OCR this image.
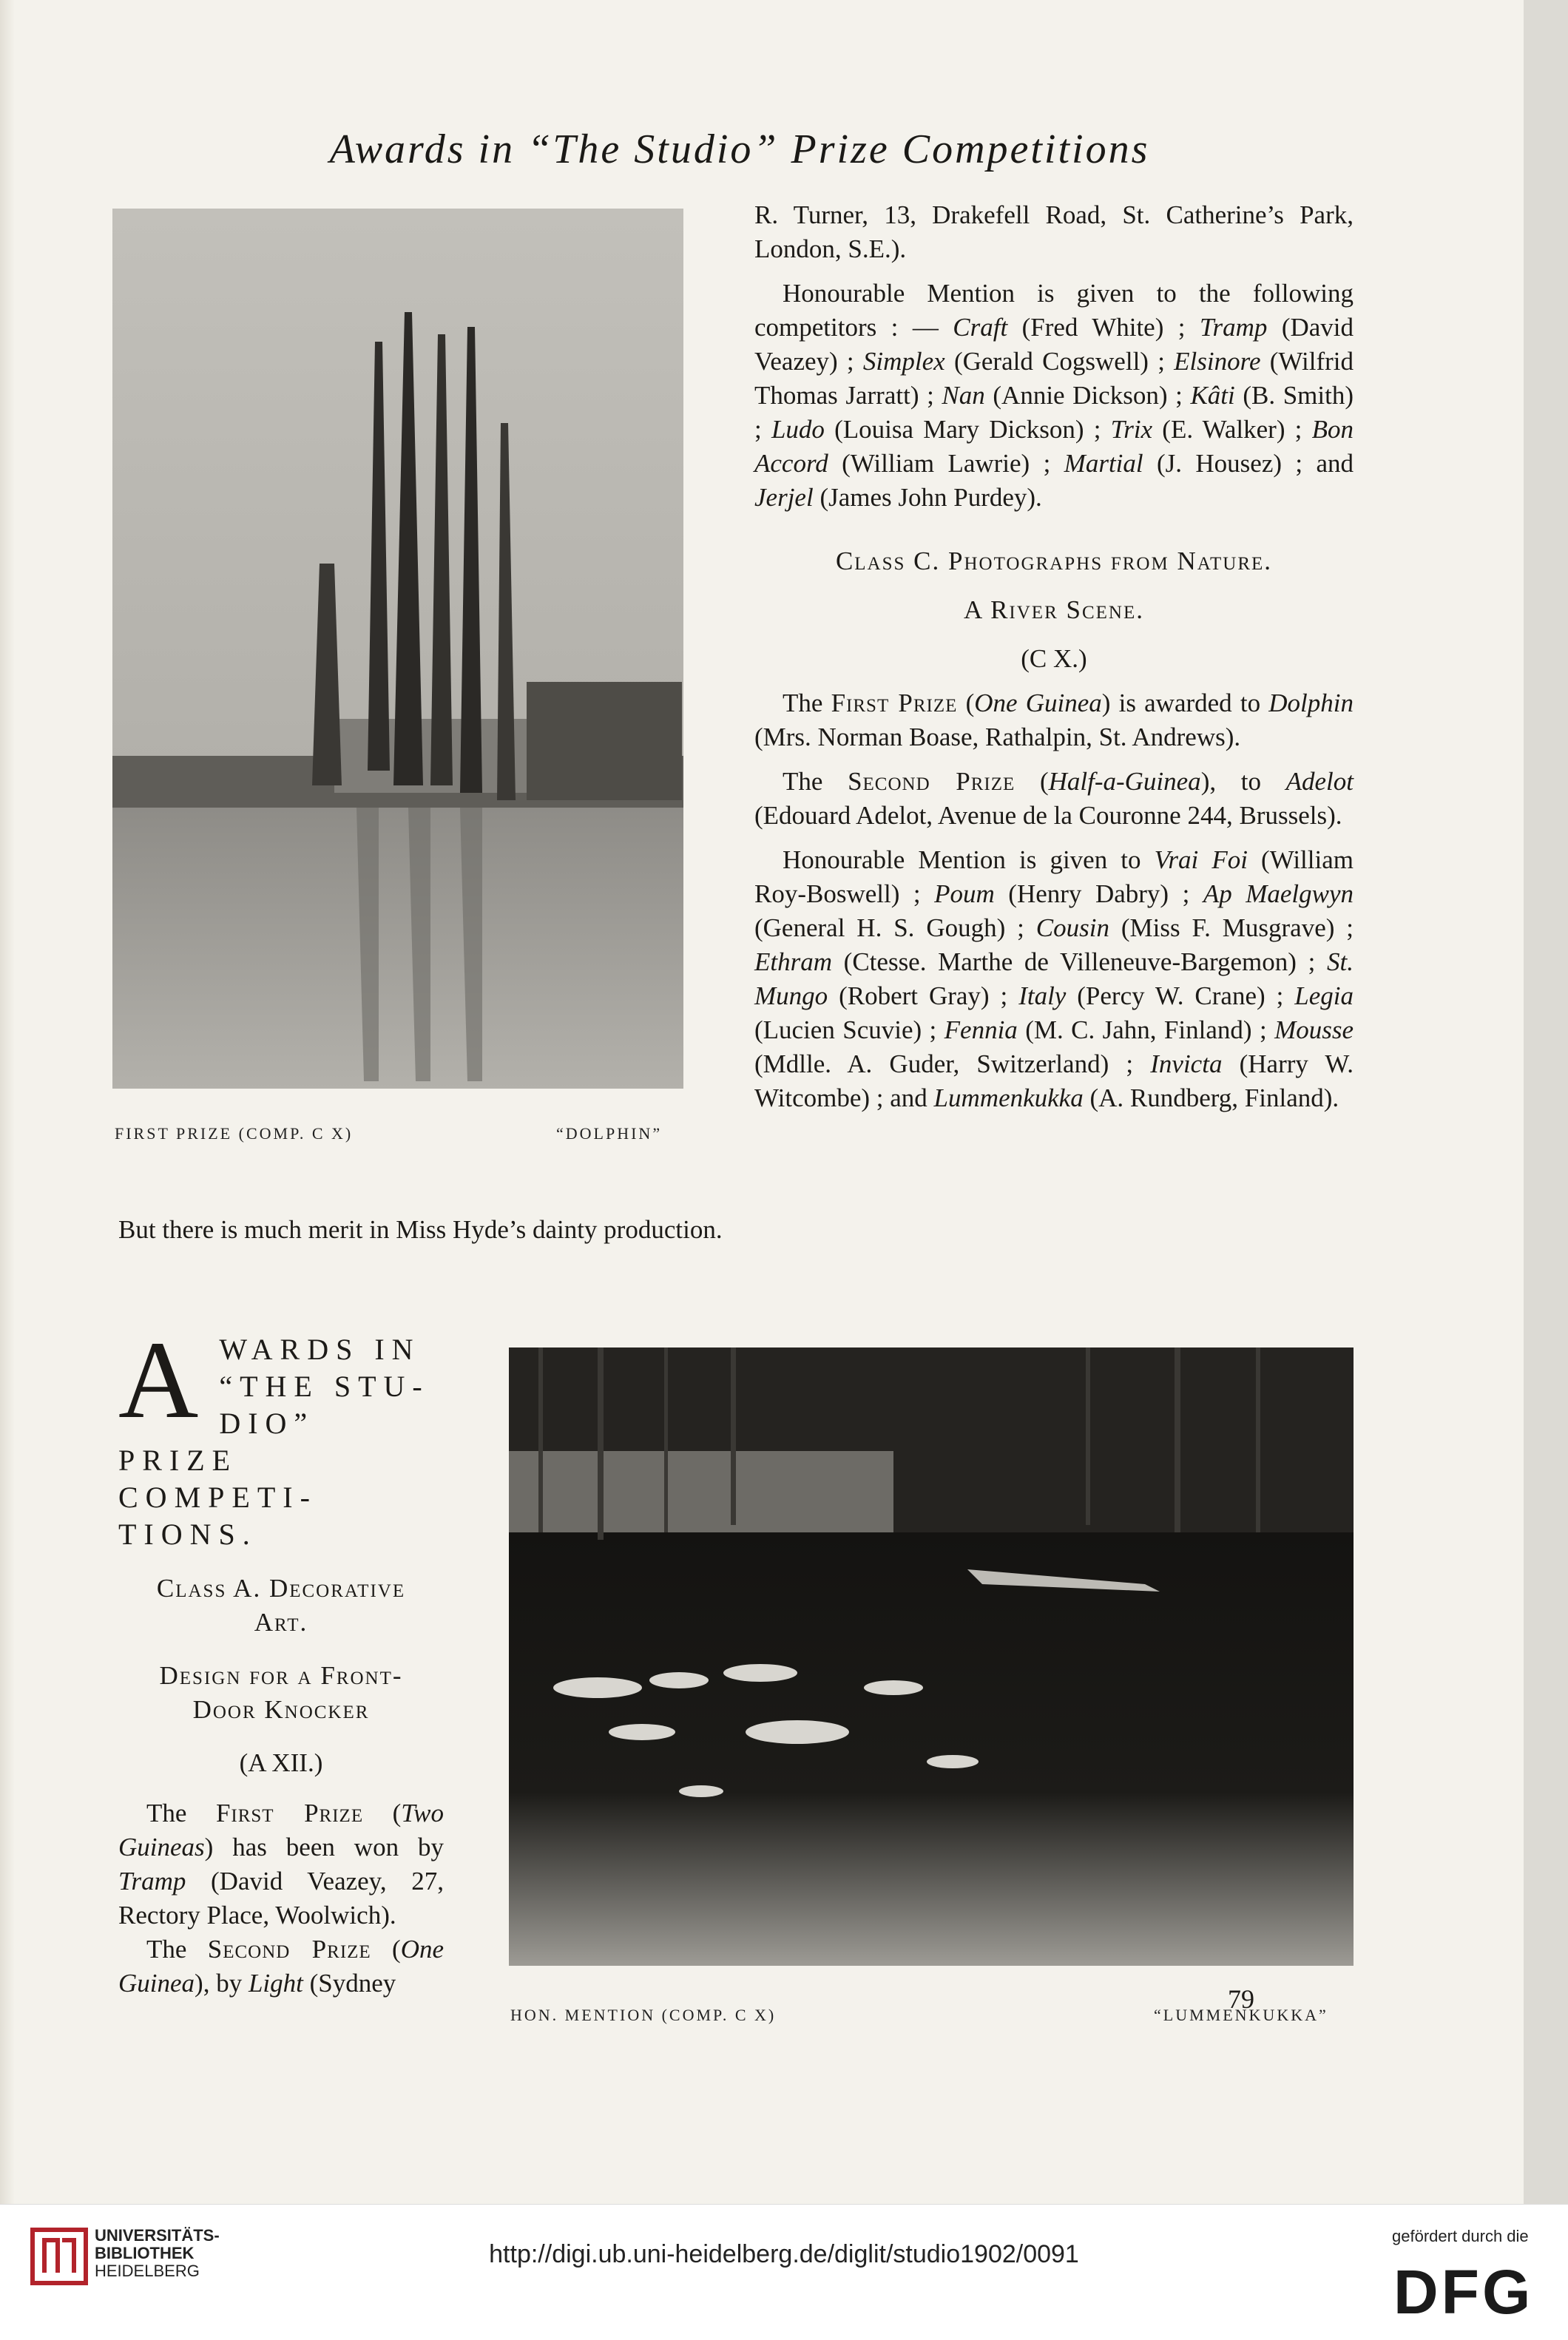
Awards in “The Studio” Prize Competitions
FIRST PRIZE (COMP. C X)	“DOLPHIN”

But there is much merit in Miss Hyde’s dainty production.

AWARDS IN “THE STU-DIO” PRIZE COMPETI-TIONS.

Class A. Decorative

Art.

Design for a Front-

Door Knocker

(A XII.)

The First Prize (Two Guineas) has been won by Tramp (David Veazey, 27, Rectory Place, Woolwich).

The Second Prize (One Guinea), by Light (Sydney

R. Turner, 13, Drakefell Road, St. Catherine’s Park, London, S.E.).

Honourable Mention is given to the following competitors : — Craft (Fred White) ; Tramp (David Veazey) ; Simplex (Gerald Cogswell) ; Elsinore (Wilfrid Thomas Jarratt) ; Nan (Annie Dickson) ; Kâti (B. Smith) ; Ludo (Louisa Mary Dickson) ; Trix (E. Walker) ; Bon Accord (William Lawrie) ; Martial (J. Housez) ; and Jerjel (James John Purdey).

Class C. Photographs from Nature.

A River Scene.

(C X.)

The First Prize (One Guinea) is awarded to Dolphin (Mrs. Norman Boase, Rathalpin, St. Andrews).

The Second Prize (Half-a-Guinea), to Adelot (Edouard Adelot, Avenue de la Couronne 244, Brussels).

Honourable Mention is given to Vrai Foi (William Roy-Boswell) ; Poum (Henry Dabry) ; Ap Maelgwyn (General H. S. Gough) ; Cousin (Miss F. Musgrave) ; Ethram (Ctesse. Marthe de Villeneuve-Bargemon) ; St. Mungo (Robert Gray) ; Italy (Percy W. Crane) ; Legia (Lucien Scuvie) ; Fennia (M. C. Jahn, Finland) ; Mousse (Mdlle. A. Guder, Switzerland) ; Invicta (Harry W. Witcombe) ; and Lummenkukka (A. Rundberg, Finland).

HON. MENTION (COMP. C X)	“LUMMENKUKKA”
79
UNIVERSITÄTS-
BIBLIOTHEK
HEIDELBERG
http://digi.ub.uni-heidelberg.de/diglit/studio1902/0091
gefördert durch die
DFG
